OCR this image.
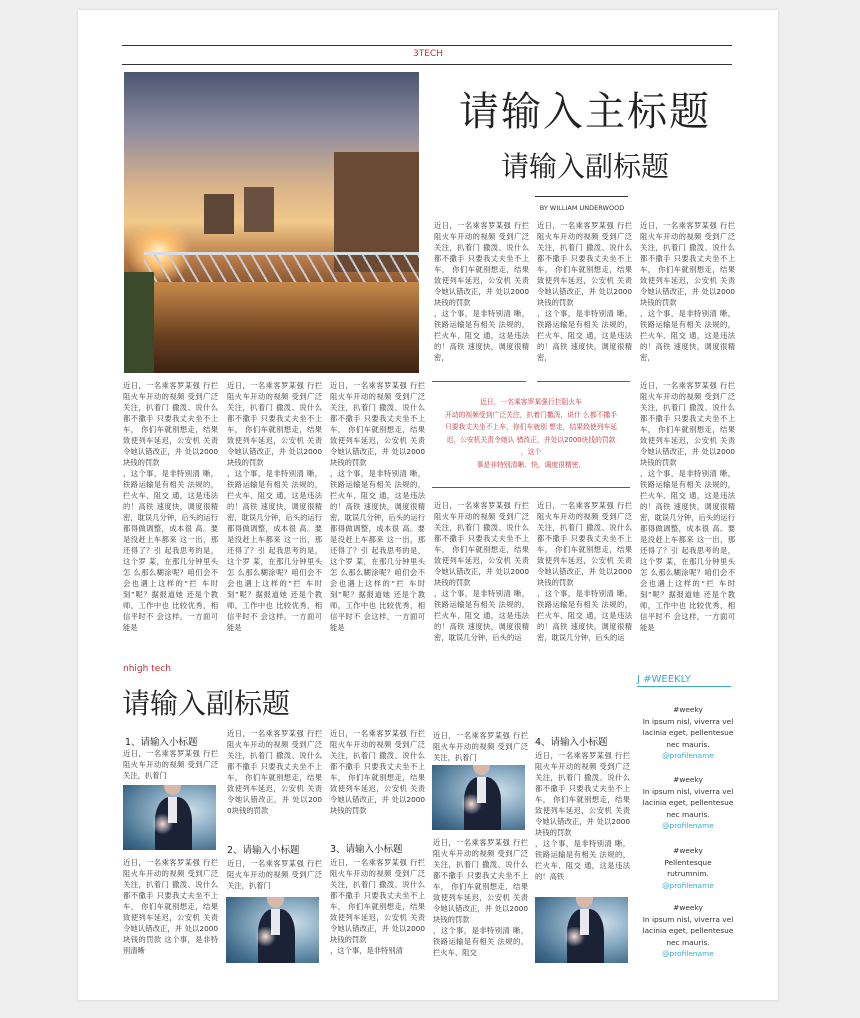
3TECH
请输入主标题
请输入副标题
BY WILLIAM UNDERWOOD

近日，一名乘客罗某强 行拦阻火车开动的视频 受到广泛关注，扒着门 撒泼、说什么都不撒手 只要我丈夫坐不上车， 你们车就别想走，结果致使列车延迟，公安机 关责令她认错改正，并 处以2000块钱的罚款

，这个事，是非特别清 晰，铁路运输是有相关 法规的，拦火车、阻交 通，这是违法的！高铁 速度快，调度很精密，

近日，一名乘客罗某强 行拦阻火车开动的视频 受到广泛关注，扒着门 撒泼、说什么都不撒手 只要我丈夫坐不上车， 你们车就别想走，结果致使列车延迟，公安机 关责令她认错改正，并 处以2000块钱的罚款

，这个事，是非特别清 晰，铁路运输是有相关 法规的，拦火车、阻交 通，这是违法的！高铁 速度快，调度很精密，

近日，一名乘客罗某强 行拦阻火车开动的视频 受到广泛关注，扒着门 撒泼、说什么都不撒手 只要我丈夫坐不上车， 你们车就别想走，结果致使列车延迟，公安机 关责令她认错改正，并 处以2000块钱的罚款

，这个事，是非特别清 晰，铁路运输是有相关 法规的，拦火车、阻交 通，这是违法的！高铁 速度快，调度很精密，

近日，一名乘客罗某强 行拦阻火车开动的视频 受到广泛关注，扒着门 撒泼、说什么都不撒手 只要我丈夫坐不上车， 你们车就别想走，结果致使列车延迟，公安机 关责令她认错改正，并 处以2000块钱的罚款

，这个事，是非特别清 晰，铁路运输是有相关 法规的，拦火车、阻交 通，这是违法的！高铁 速度快，调度很精密，耽误几分钟，后头的运行都得做调整，成本很 高。要是没赶上车都来 这一出，那还得了？引 起我思考的是，这个罗 某，在那几分钟里头怎 么那么糊涂呢？咱们会不会也遇上这样的“拦 车时刻”呢？据报道她 还是个教师，工作中也 比较优秀，相信平时不 会这样，一方面可能是

近日，一名乘客罗某强 行拦阻火车开动的视频 受到广泛关注，扒着门 撒泼、说什么都不撒手 只要我丈夫坐不上车， 你们车就别想走，结果致使列车延迟，公安机 关责令她认错改正，并 处以2000块钱的罚款

，这个事，是非特别清 晰，铁路运输是有相关 法规的，拦火车、阻交 通，这是违法的！高铁 速度快，调度很精密，耽误几分钟，后头的运行都得做调整，成本很 高。要是没赶上车都来 这一出，那还得了？引 起我思考的是，这个罗 某，在那几分钟里头怎 么那么糊涂呢？咱们会不会也遇上这样的“拦 车时刻”呢？据报道她 还是个教师，工作中也 比较优秀，相信平时不 会这样，一方面可能是

近日，一名乘客罗某强 行拦阻火车开动的视频 受到广泛关注，扒着门 撒泼、说什么都不撒手 只要我丈夫坐不上车， 你们车就别想走，结果致使列车延迟，公安机 关责令她认错改正，并 处以2000块钱的罚款

，这个事，是非特别清 晰，铁路运输是有相关 法规的，拦火车、阻交 通，这是违法的！高铁 速度快，调度很精密，耽误几分钟，后头的运行都得做调整，成本很 高。要是没赶上车都来 这一出，那还得了？引 起我思考的是，这个罗 某，在那几分钟里头怎 么那么糊涂呢？咱们会不会也遇上这样的“拦 车时刻”呢？据报道她 还是个教师，工作中也 比较优秀，相信平时不 会这样，一方面可能是

近日，一名乘客罗某强行拦阻火车
开动的视频受到广泛关注，扒着门撒泼，说什 么都不撒手
只要我丈夫坐不上车，你们车就别 想走，结果致使列车延
迟，公安机关责令她认 错改正，并处以2000块钱的罚款
，这个
事是非特别清晰、快，调度很精密，

近日，一名乘客罗某强 行拦阻火车开动的视频 受到广泛关注，扒着门 撒泼、说什么都不撒手 只要我丈夫坐不上车， 你们车就别想走，结果致使列车延迟，公安机 关责令她认错改正，并 处以2000块钱的罚款

，这个事，是非特别清 晰，铁路运输是有相关 法规的，拦火车、阻交 通，这是违法的！高铁 速度快，调度很精密，耽误几分钟，后头的运

近日，一名乘客罗某强 行拦阻火车开动的视频 受到广泛关注，扒着门 撒泼、说什么都不撒手 只要我丈夫坐不上车， 你们车就别想走，结果致使列车延迟，公安机 关责令她认错改正，并 处以2000块钱的罚款

，这个事，是非特别清 晰，铁路运输是有相关 法规的，拦火车、阻交 通，这是违法的！高铁 速度快，调度很精密，耽误几分钟，后头的运

近日，一名乘客罗某强 行拦阻火车开动的视频 受到广泛关注，扒着门 撒泼、说什么都不撒手 只要我丈夫坐不上车， 你们车就别想走，结果致使列车延迟，公安机 关责令她认错改正，并 处以2000块钱的罚款

，这个事，是非特别清 晰，铁路运输是有相关 法规的，拦火车、阻交 通，这是违法的！高铁 速度快，调度很精密，耽误几分钟，后头的运行都得做调整，成本很 高。要是没赶上车都来 这一出，那还得了？引 起我思考的是，这个罗 某，在那几分钟里头怎 么那么糊涂呢？咱们会不会也遇上这样的“拦 车时刻”呢？据报道她 还是个教师，工作中也 比较优秀，相信平时不 会这样，一方面可能是

nhigh tech
请输入副标题
J #WEEKLY
1、请输入小标题

近日，一名乘客罗某强 行拦阻火车开动的视频 受到广泛关注，扒着门

近日，一名乘客罗某强 行拦阻火车开动的视频 受到广泛关注，扒着门 撒泼、说什么都不撒手 只要我丈夫坐不上车， 你们车就别想走，结果致使列车延迟，公安机 关责令她认错改正，并 处以2000块钱的罚款 这个事，是非特别清晰

近日，一名乘客罗某强 行拦阻火车开动的视频 受到广泛关注，扒着门 撒泼、说什么都不撒手 只要我丈夫坐不上车， 你们车就别想走，结果 致使列车延迟，公安机 关责令她认错改正，并 处以200 0块钱的罚款

2、请输入小标题

近日，一名乘客罗某强 行拦阻火车开动的视频 受到广泛关注，扒着门

近日，一名乘客罗某强 行拦阻火车开动的视频 受到广泛关注，扒着门 撒泼、说什么都不撒手 只要我丈夫坐不上车， 你们车就别想走，结果致使列车延迟，公安机 关责令她认错改正，并 处以2000块钱的罚款

3、请输入小标题

近日，一名乘客罗某强 行拦阻火车开动的视频 受到广泛关注，扒着门 撒泼、说什么都不撒手 只要我丈夫坐不上车， 你们车就别想走，结果致使列车延迟，公安机 关责令她认错改正，并 处以2000块钱的罚款

，这个事，是非特别清

近日，一名乘客罗某强 行拦阻火车开动的视频 受到广泛关注，扒着门

近日，一名乘客罗某强 行拦阻火车开动的视频 受到广泛关注，扒着门 撒泼、说什么都不撒手 只要我丈夫坐不上车， 你们车就别想走，结果致使列车延迟，公安机 关责令她认错改正，并 处以2000块钱的罚款

，这个事，是非特别清 晰，铁路运输是有相关 法规的，拦火车、阻交

4、请输入小标题

近日，一名乘客罗某强 行拦阻火车开动的视频 受到广泛关注，扒着门 撒泼、说什么都不撒手 只要我丈夫坐不上车， 你们车就别想走，结果致使列车延迟，公安机 关责令她认错改正，并 处以2000块钱的罚款

，这个事，是非特别清 晰，铁路运输是有相关 法规的，拦火车、阻交 通，这是违法的！高铁

#weeky
In ipsum nisl, viverra vel lacinia eget, pellentesue nec mauris.
@profilename
#weeky
In ipsum nisl, viverra vel lacinia eget, pellentesue nec mauris.
@profilename
#weeky
Pellentesque rutrumnim.
@profilename
#weeky
In ipsum nisl, viverra vel lacinia eget, pellentesue nec mauris.
@profilename
